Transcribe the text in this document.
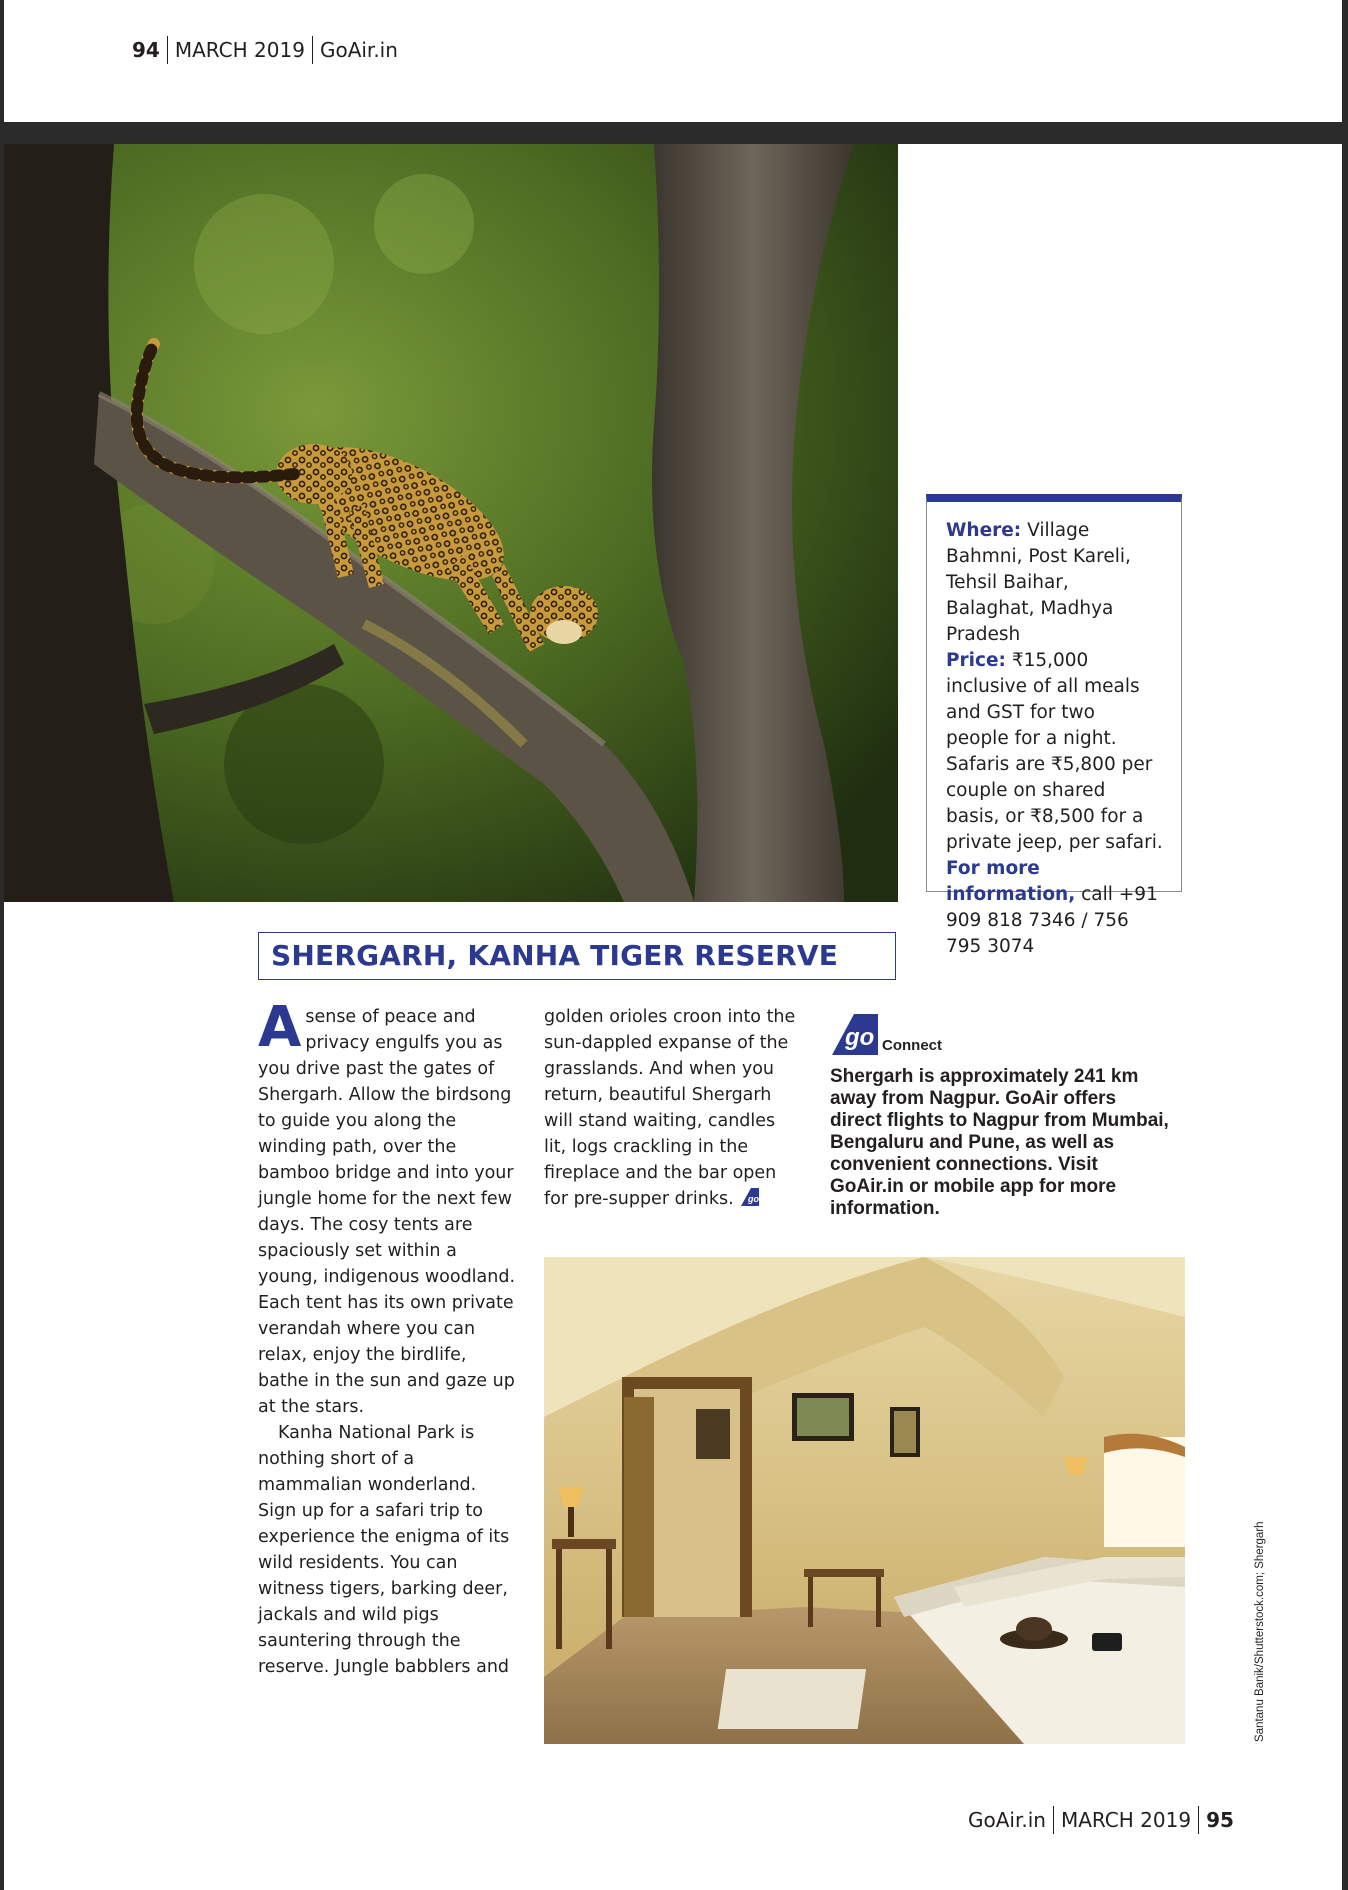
94 MARCH 2019 GoAir.in

Where: Village Bahmni, Post Kareli, Tehsil Baihar, Balaghat, Madhya Pradesh

Price: ₹15,000 inclusive of all meals and GST for two people for a night. Safaris are ₹5,800 per couple on shared basis, or ₹8,500 for a private jeep, per safari.

For more information, call +91 909 818 7346 / 756 795 3074

SHERGARH, KANHA TIGER RESERVE

A sense of peace and privacy engulfs you as you drive past the gates of Shergarh. Allow the birdsong to guide you along the winding path, over the bamboo bridge and into your jungle home for the next few days. The cosy tents are spaciously set within a young, indigenous woodland. Each tent has its own private verandah where you can relax, enjoy the birdlife, bathe in the sun and gaze up at the stars.

Kanha National Park is nothing short of a mammalian wonderland. Sign up for a safari trip to experience the enigma of its wild residents. You can witness tigers, barking deer, jackals and wild pigs sauntering through the reserve. Jungle babblers and

golden orioles croon into the sun-dappled expanse of the grasslands. And when you return, beautiful Shergarh will stand waiting, candles lit, logs crackling in the fireplace and the bar open for pre-supper drinks. go

go Connect
Shergarh is approximately 241 km away from Nagpur. GoAir offers direct flights to Nagpur from Mumbai, Bengaluru and Pune, as well as convenient connections. Visit GoAir.in or mobile app for more information.
Santanu Banik/Shutterstock.com; Shergarh
GoAir.in MARCH 2019 95
